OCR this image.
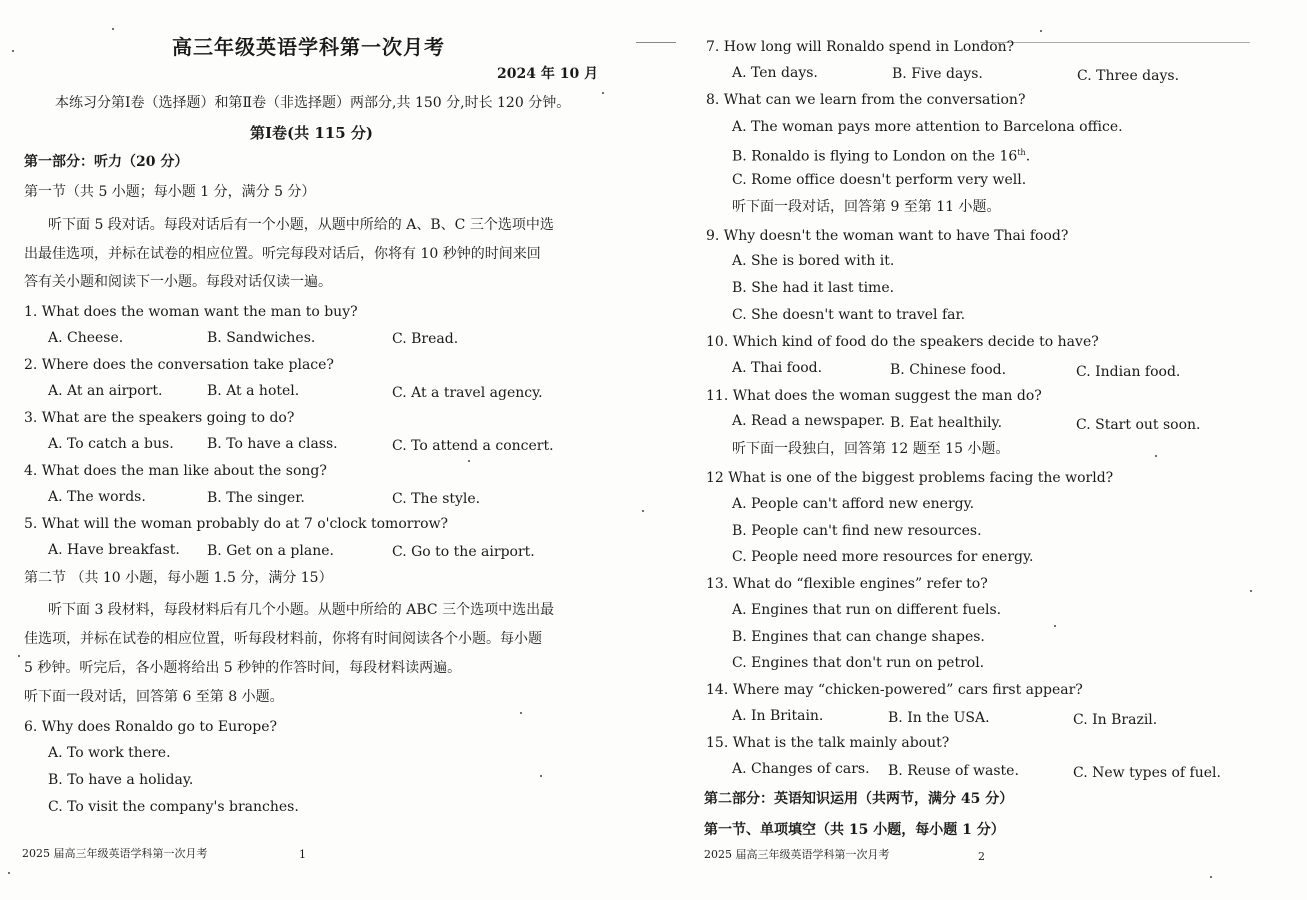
高三年级英语学科第一次月考
2024 年 10 月
本练习分第Ⅰ卷（选择题）和第Ⅱ卷（非选择题）两部分,共 150 分,时长 120 分钟。
第Ⅰ卷(共 115 分)
第一部分：听力（20 分）
第一节（共 5 小题；每小题 1 分，满分 5 分）
听下面 5 段对话。每段对话后有一个小题，从题中所给的 A、B、C 三个选项中选
出最佳选项，并标在试卷的相应位置。听完每段对话后，你将有 10 秒钟的时间来回
答有关小题和阅读下一小题。每段对话仅读一遍。
1. What does the woman want the man to buy?
A. Cheese.	B. Sandwiches.	C. Bread.
2. Where does the conversation take place?
A. At an airport.	B. At a hotel.	C. At a travel agency.
3. What are the speakers going to do?
A. To catch a bus. B. To have a class.	C. To attend a concert.
4. What does the man like about the song?
A. The words.	B. The singer.	C. The style.
5. What will the woman probably do at 7 o'clock tomorrow?
A. Have breakfast. B. Get on a plane.	C. Go to the airport.
第二节 （共 10 小题，每小题 1.5 分，满分 15）
听下面 3 段材料，每段材料后有几个小题。从题中所给的 ABC 三个选项中选出最
佳选项，并标在试卷的相应位置，听每段材料前，你将有时间阅读各个小题。每小题
5 秒钟。听完后，各小题将给出 5 秒钟的作答时间，每段材料读两遍。
听下面一段对话，回答第 6 至第 8 小题。
6. Why does Ronaldo go to Europe?
A. To work there.
B. To have a holiday.
C. To visit the company's branches.
2025 届高三年级英语学科第一次月考	1
7. How long will Ronaldo spend in London?
A. Ten days.	B. Five days.	C. Three days.
8. What can we learn from the conversation?
A. The woman pays more attention to Barcelona office.
B. Ronaldo is flying to London on the 16th.
C. Rome office doesn't perform very well.
听下面一段对话，回答第 9 至第 11 小题。
9. Why doesn't the woman want to have Thai food?
A. She is bored with it.
B. She had it last time.
C. She doesn't want to travel far.
10. Which kind of food do the speakers decide to have?
A. Thai food.	B. Chinese food.	C. Indian food.
11. What does the woman suggest the man do?
A. Read a newspaper. B. Eat healthily.	C. Start out soon.
听下面一段独白，回答第 12 题至 15 小题。
12 What is one of the biggest problems facing the world?
A. People can't afford new energy.
B. People can't find new resources.
C. People need more resources for energy.
13. What do “flexible engines” refer to?
A. Engines that run on different fuels.
B. Engines that can change shapes.
C. Engines that don't run on petrol.
14. Where may “chicken-powered” cars first appear?
A. In Britain.	B. In the USA.	C. In Brazil.
15. What is the talk mainly about?
A. Changes of cars. B. Reuse of waste.	C. New types of fuel.
第二部分：英语知识运用（共两节，满分 45 分）
第一节、单项填空（共 15 小题，每小题 1 分）
2025 届高三年级英语学科第一次月考	2
